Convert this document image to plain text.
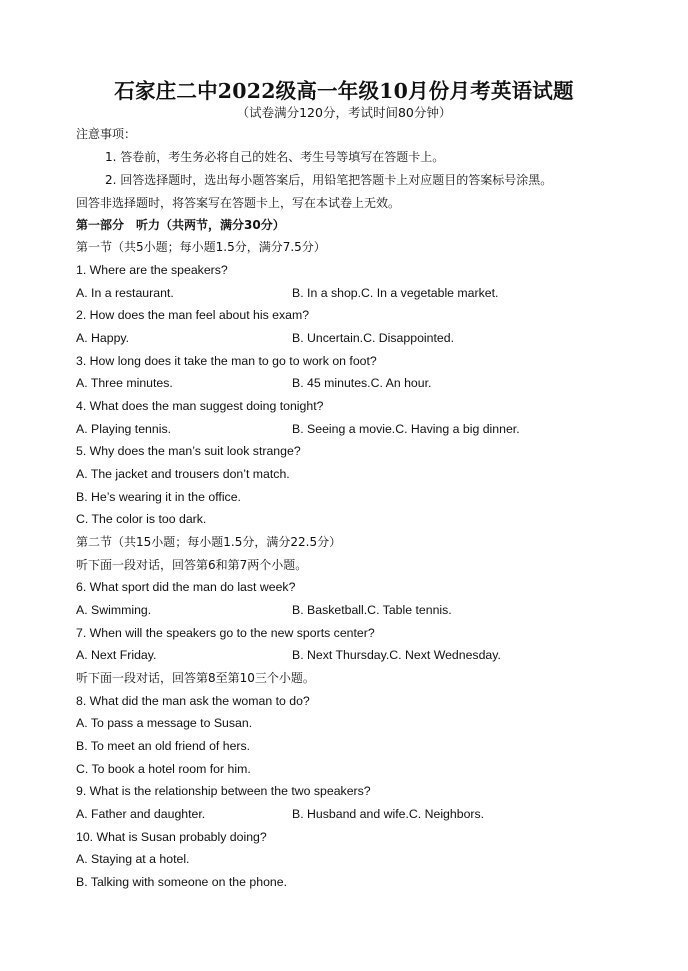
石家庄二中2022级高一年级10月份月考英语试题
（试卷满分120分，考试时间80分钟）
注意事项：
1. 答卷前，考生务必将自己的姓名、考生号等填写在答题卡上。
2. 回答选择题时，选出每小题答案后，用铅笔把答题卡上对应题目的答案标号涂黑。
回答非选择题时，将答案写在答题卡上，写在本试卷上无效。
第一部分　听力（共两节，满分30分）
第一节（共5小题；每小题1.5分，满分7.5分）
1. Where are the speakers?
A. In a restaurant.	B. In a shop.C. In a vegetable market.
2. How does the man feel about his exam?
A. Happy.	B. Uncertain.C. Disappointed.
3. How long does it take the man to go to work on foot?
A. Three minutes.	B. 45 minutes.C. An hour.
4. What does the man suggest doing tonight?
A. Playing tennis.	B. Seeing a movie.C. Having a big dinner.
5. Why does the man’s suit look strange?
A. The jacket and trousers don’t match.
B. He’s wearing it in the office.
C. The color is too dark.
第二节（共15小题；每小题1.5分，满分22.5分）
听下面一段对话，回答第6和第7两个小题。
6. What sport did the man do last week?
A. Swimming.	B. Basketball.C. Table tennis.
7. When will the speakers go to the new sports center?
A. Next Friday.	B. Next Thursday.C. Next Wednesday.
听下面一段对话，回答第8至第10三个小题。
8. What did the man ask the woman to do?
A. To pass a message to Susan.
B. To meet an old friend of hers.
C. To book a hotel room for him.
9. What is the relationship between the two speakers?
A. Father and daughter.	B. Husband and wife.C. Neighbors.
10. What is Susan probably doing?
A. Staying at a hotel.
B. Talking with someone on the phone.
